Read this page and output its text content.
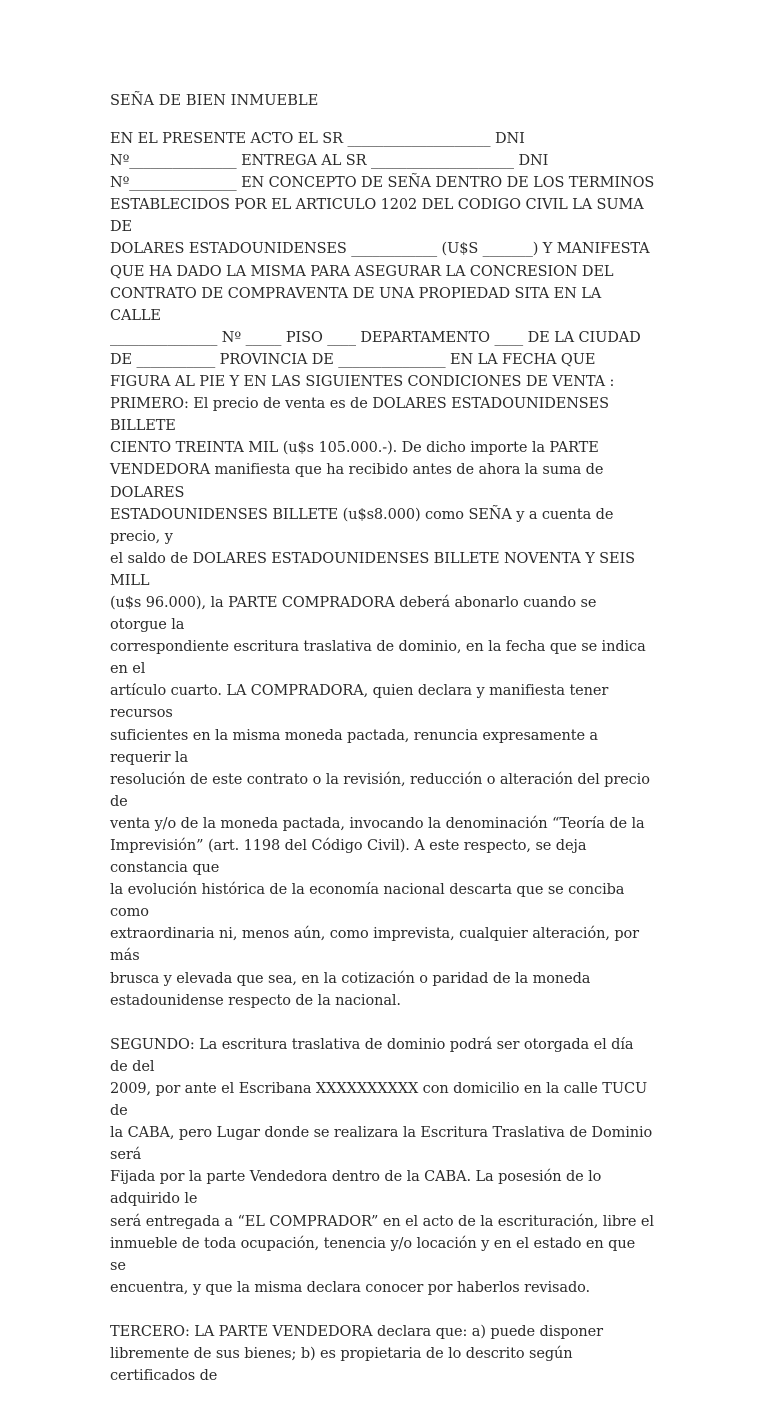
SEÑA DE BIEN INMUEBLE
EN EL PRESENTE ACTO EL SR ____________________ DNI
Nº_______________ ENTREGA AL SR ____________________ DNI
Nº_______________ EN CONCEPTO DE SEÑA DENTRO DE LOS TERMINOS
ESTABLECIDOS POR EL ARTICULO 1202 DEL CODIGO CIVIL LA SUMA DE
DOLARES ESTADOUNIDENSES ____________ (U$S _______) Y MANIFESTA
QUE HA DADO LA MISMA PARA ASEGURAR LA CONCRESION DEL
CONTRATO DE COMPRAVENTA DE UNA PROPIEDAD SITA EN LA CALLE
_______________ Nº _____ PISO ____ DEPARTAMENTO ____ DE LA CIUDAD
DE ___________ PROVINCIA DE _______________ EN LA FECHA QUE
FIGURA AL PIE Y EN LAS SIGUIENTES CONDICIONES DE VENTA :
PRIMERO: El precio de venta es de DOLARES ESTADOUNIDENSES BILLETE
CIENTO TREINTA MIL (u$s 105.000.-). De dicho importe la PARTE
VENDEDORA manifiesta que ha recibido antes de ahora la suma de DOLARES
ESTADOUNIDENSES BILLETE (u$s8.000) como SEÑA y a cuenta de precio, y
el saldo de DOLARES ESTADOUNIDENSES BILLETE NOVENTA Y SEIS MILL
(u$s 96.000), la PARTE COMPRADORA deberá abonarlo cuando se otorgue la
correspondiente escritura traslativa de dominio, en la fecha que se indica en el
artículo cuarto. LA COMPRADORA, quien declara y manifiesta tener recursos
suficientes en la misma moneda pactada, renuncia expresamente a requerir la
resolución de este contrato o la revisión, reducción o alteración del precio de
venta y/o de la moneda pactada, invocando la denominación “Teoría de la
Imprevisión” (art. 1198 del Código Civil). A este respecto, se deja constancia que
la evolución histórica de la economía nacional descarta que se conciba como
extraordinaria ni, menos aún, como imprevista, cualquier alteración, por más
brusca y elevada que sea, en la cotización o paridad de la moneda
estadounidense respecto de la nacional.
SEGUNDO: La escritura traslativa de dominio podrá ser otorgada el día de del
2009, por ante el Escribana XXXXXXXXXX con domicilio en la calle TUCU de
la CABA, pero Lugar donde se realizara la Escritura Traslativa de Dominio será
Fijada por la parte Vendedora dentro de la CABA. La posesión de lo adquirido le
será entregada a “EL COMPRADOR” en el acto de la escrituración, libre el
inmueble de toda ocupación, tenencia y/o locación y en el estado en que se
encuentra, y que la misma declara conocer por haberlos revisado.
TERCERO: LA PARTE VENDEDORA declara que: a) puede disponer
libremente de sus bienes; b) es propietaria de lo descrito según certificados de
